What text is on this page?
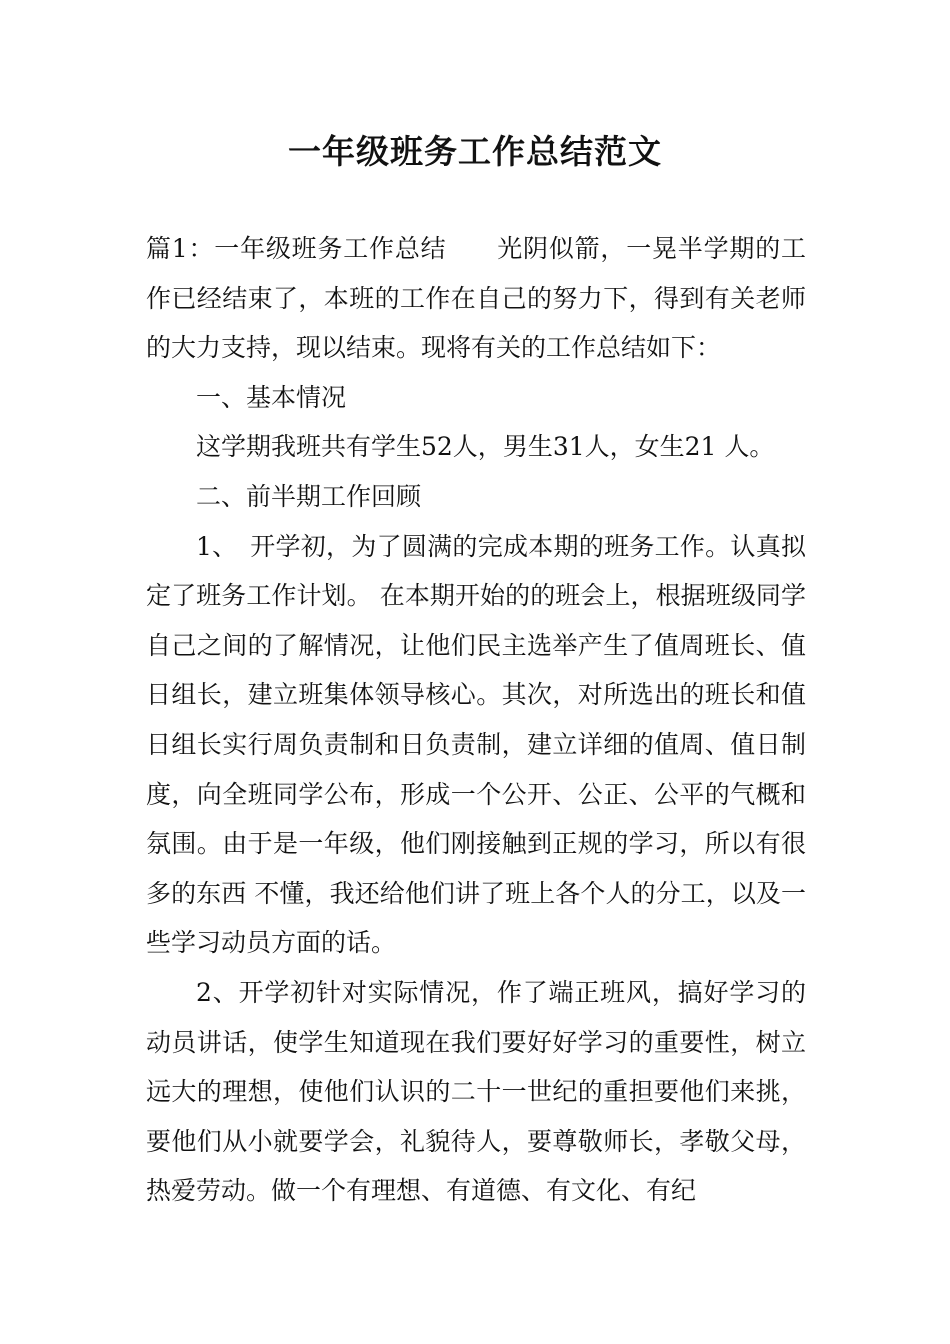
一年级班务工作总结范文

篇1：一年级班务工作总结 光阴似箭，一晃半学期的工作已经结束了，本班的工作在自己的努力下，得到有关老师的大力支持，现以结束。现将有关的工作总结如下：

一、基本情况

这学期我班共有学生52人，男生31人，女生21 人。

二、前半期工作回顾

1、　开学初，为了圆满的完成本期的班务工作。认真拟定了班务工作计划。 在本期开始的的班会上，根据班级同学自己之间的了解情况，让他们民主选举产生了值周班长、值日组长，建立班集体领导核心。其次，对所选出的班长和值日组长实行周负责制和日负责制，建立详细的值周、值日制度，向全班同学公布，形成一个公开、公正、公平的气概和氛围。由于是一年级，他们刚接触到正规的学习，所以有很多的东西 不懂，我还给他们讲了班上各个人的分工，以及一些学习动员方面的话。

2、开学初针对实际情况，作了端正班风，搞好学习的动员讲话，使学生知道现在我们要好好学习的重要性，树立远大的理想，使他们认识的二十一世纪的重担要他们来挑，要他们从小就要学会，礼貌待人，要尊敬师长，孝敬父母，热爱劳动。做一个有理想、有道德、有文化、有纪
